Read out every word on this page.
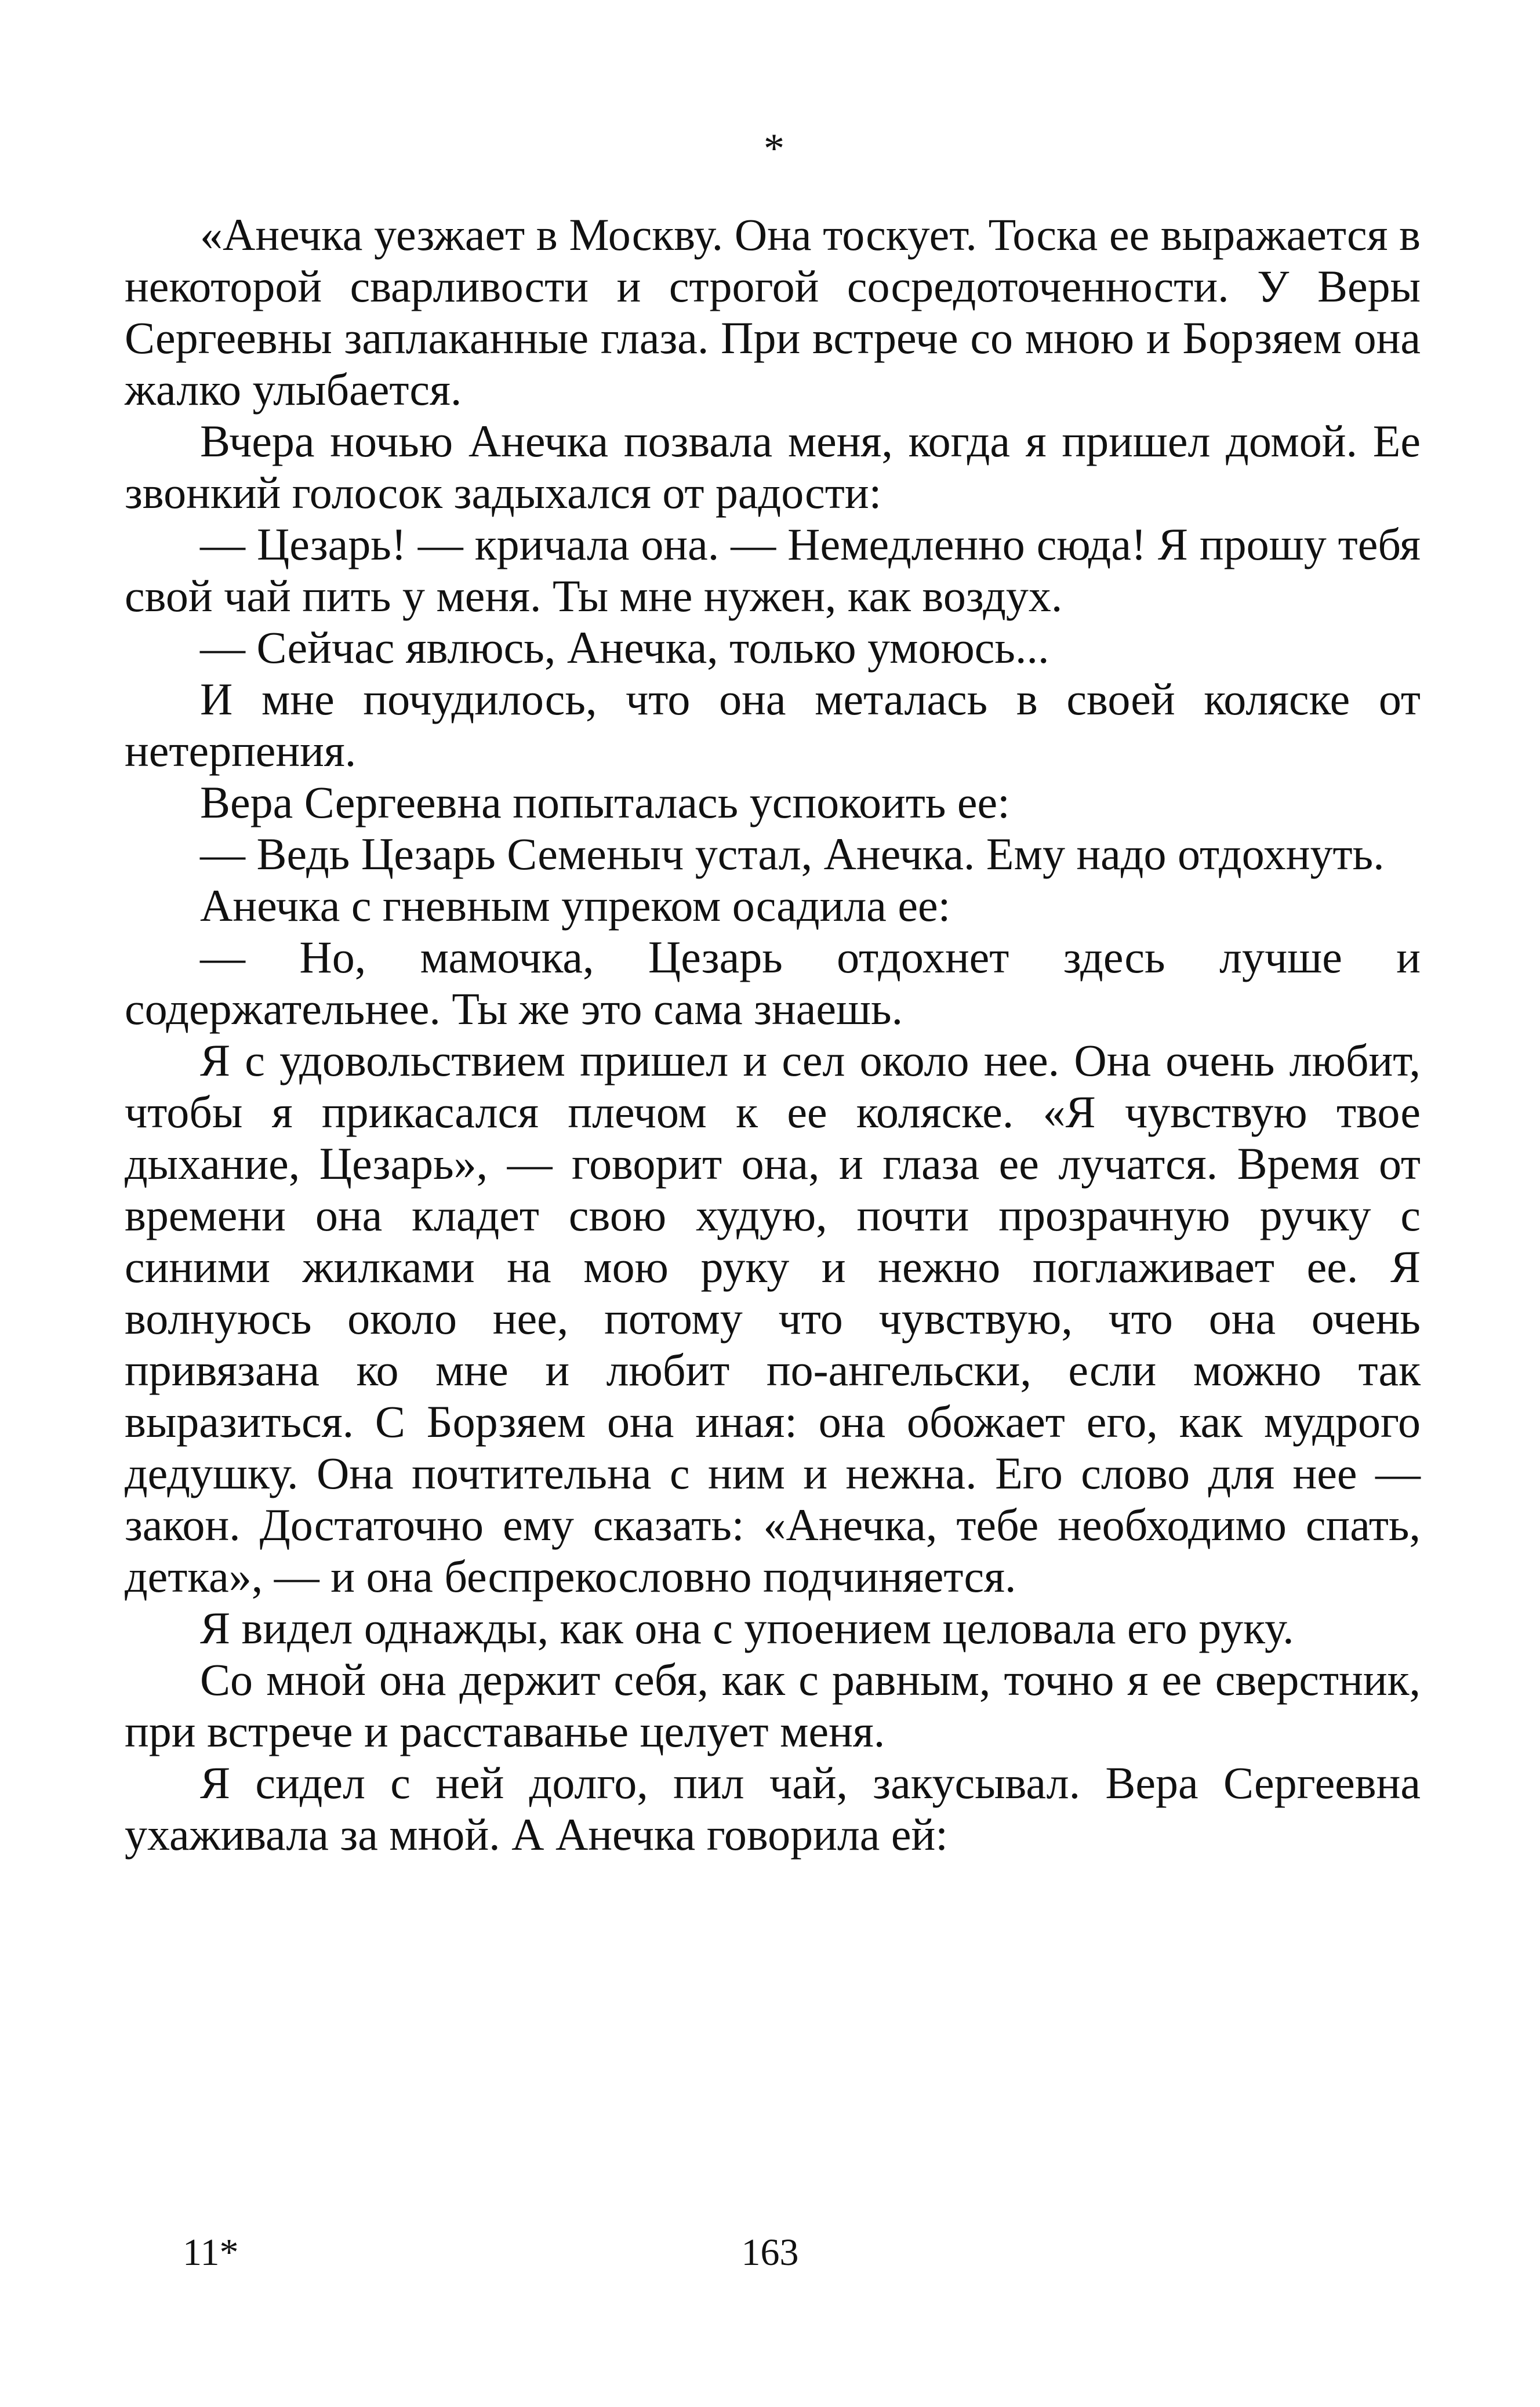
*

«Анечка уезжает в Москву. Она тоскует. Тоска ее выражается в некоторой сварливости и строгой сосредоточенности. У Веры Сергеевны заплаканные глаза. При встрече со мною и Борзяем она жалко улыбается.

Вчера ночью Анечка позвала меня, когда я пришел домой. Ее звонкий голосок задыхался от радости:

— Цезарь! — кричала она. — Немедленно сюда! Я прошу тебя свой чай пить у меня. Ты мне нужен, как воздух.

— Сейчас явлюсь, Анечка, только умоюсь...

И мне почудилось, что она металась в своей коляске от нетерпения.

Вера Сергеевна попыталась успокоить ее:

— Ведь Цезарь Семеныч устал, Анечка. Ему надо отдохнуть.

Анечка с гневным упреком осадила ее:

— Но, мамочка, Цезарь отдохнет здесь лучше и содержательнее. Ты же это сама знаешь.

Я с удовольствием пришел и сел около нее. Она очень любит, чтобы я прикасался плечом к ее коляске. «Я чувствую твое дыхание, Цезарь», — говорит она, и глаза ее лучатся. Время от времени она кладет свою худую, почти прозрачную ручку с синими жилками на мою руку и нежно поглаживает ее. Я волнуюсь около нее, потому что чувствую, что она очень привязана ко мне и любит по-ангельски, если можно так выразиться. С Борзяем она иная: она обожает его, как мудрого дедушку. Она почтительна с ним и нежна. Его слово для нее — закон. Достаточно ему сказать: «Анечка, тебе необходимо спать, детка», — и она беспрекословно подчиняется.

Я видел однажды, как она с упоением целовала его руку.

Со мной она держит себя, как с равным, точно я ее сверстник, при встрече и расставанье целует меня.

Я сидел с ней долго, пил чай, закусывал. Вера Сергеевна ухаживала за мной. А Анечка говорила ей:

11*	163
